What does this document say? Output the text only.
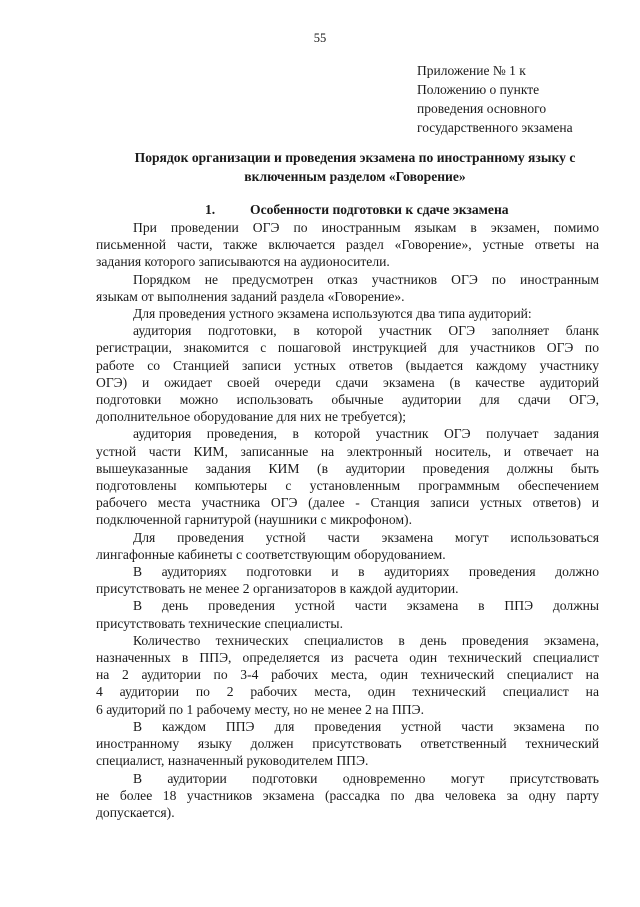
55
Приложение № 1 к
Положению о пункте
проведения основного
государственного экзамена
Порядок организации и проведения экзамена по иностранному языку с
включенным разделом «Говорение»
1.	Особенности подготовки к сдаче экзамена

При проведении ОГЭ по иностранным языкам в экзамен, помимо
письменной части, также включается раздел «Говорение», устные ответы на
задания которого записываются на аудионосители.

Порядком не предусмотрен отказ участников ОГЭ по иностранным
языкам от выполнения заданий раздела «Говорение».

Для проведения устного экзамена используются два типа аудиторий:

аудитория подготовки, в которой участник ОГЭ заполняет бланк
регистрации, знакомится с пошаговой инструкцией для участников ОГЭ по
работе со Станцией записи устных ответов (выдается каждому участнику
ОГЭ) и ожидает своей очереди сдачи экзамена (в качестве аудиторий
подготовки можно использовать обычные аудитории для сдачи ОГЭ,
дополнительное оборудование для них не требуется);

аудитория проведения, в которой участник ОГЭ получает задания
устной части КИМ, записанные на электронный носитель, и отвечает на
вышеуказанные задания КИМ (в аудитории проведения должны быть
подготовлены компьютеры с установленным программным обеспечением
рабочего места участника ОГЭ (далее - Станция записи устных ответов) и
подключенной гарнитурой (наушники с микрофоном).

Для проведения устной части экзамена могут использоваться
лингафонные кабинеты с соответствующим оборудованием.

В аудиториях подготовки и в аудиториях проведения должно
присутствовать не менее 2 организаторов в каждой аудитории.

В день проведения устной части экзамена в ППЭ должны
присутствовать технические специалисты.

Количество технических специалистов в день проведения экзамена,
назначенных в ППЭ, определяется из расчета один технический специалист
на 2 аудитории по 3-4 рабочих места, один технический специалист на
4 аудитории по 2 рабочих места, один технический специалист на
6 аудиторий по 1 рабочему месту, но не менее 2 на ППЭ.

В каждом ППЭ для проведения устной части экзамена по
иностранному языку должен присутствовать ответственный технический
специалист, назначенный руководителем ППЭ.

В аудитории подготовки одновременно могут присутствовать
не более 18 участников экзамена (рассадка по два человека за одну парту
допускается).
